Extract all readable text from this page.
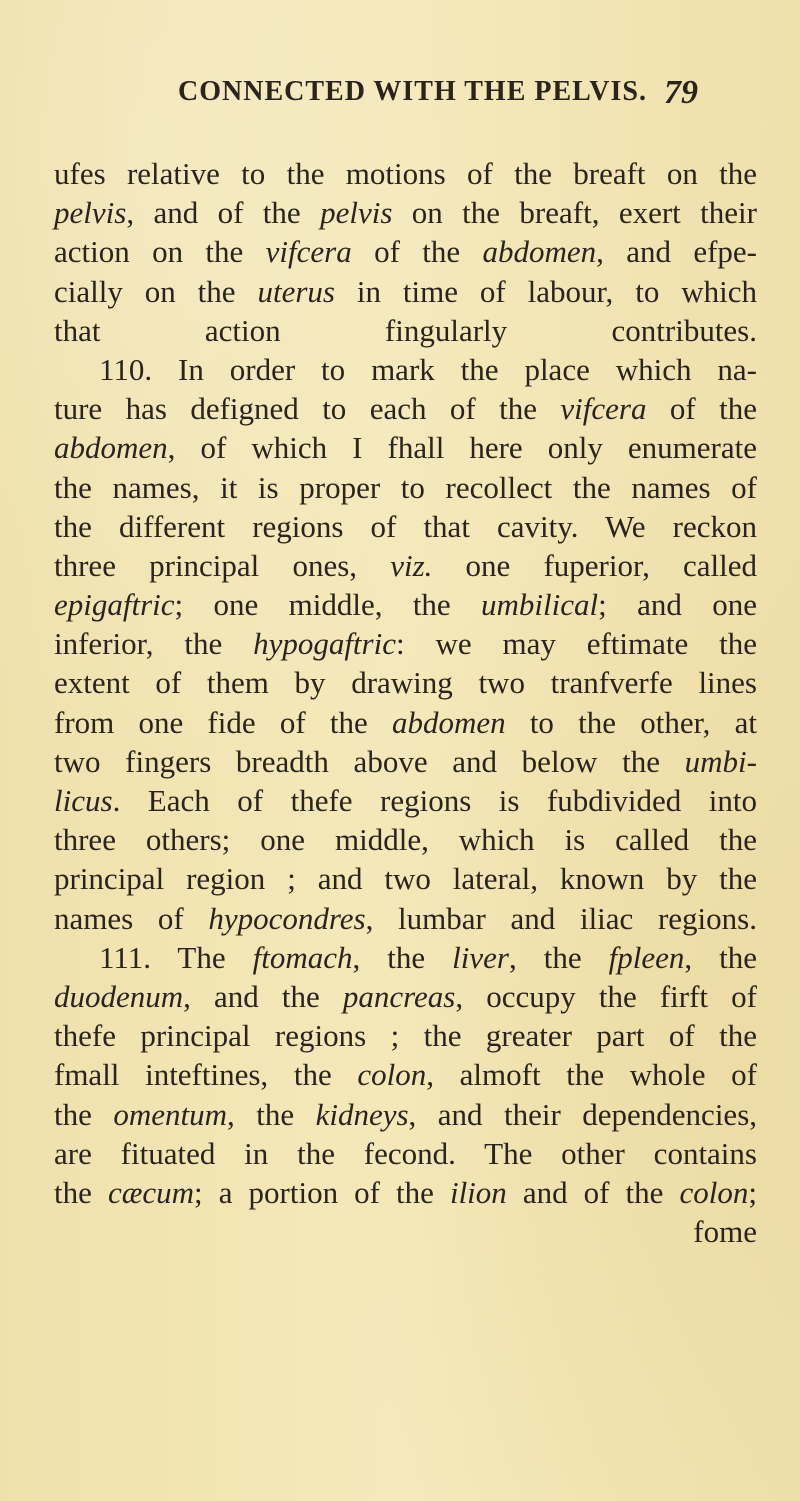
CONNECTED WITH THE PELVIS. 79
ufes relative to the motions of the breaft on the
pelvis, and of the pelvis on the breaft, exert their
action on the vifcera of the abdomen, and efpe-
cially on the uterus in time of labour, to which
that action fingularly contributes.
110. In order to mark the place which na-
ture has defigned to each of the vifcera of the
abdomen, of which I fhall here only enumerate
the names, it is proper to recollect the names of
the different regions of that cavity. We reckon
three principal ones, viz. one fuperior, called
epigaftric; one middle, the umbilical; and one
inferior, the hypogaftric: we may eftimate the
extent of them by drawing two tranfverfe lines
from one fide of the abdomen to the other, at
two fingers breadth above and below the umbi-
licus. Each of thefe regions is fubdivided into
three others; one middle, which is called the
principal region ; and two lateral, known by the
names of hypocondres, lumbar and iliac regions.
111. The ftomach, the liver, the fpleen, the
duodenum, and the pancreas, occupy the firft of
thefe principal regions ; the greater part of the
fmall inteftines, the colon, almoft the whole of
the omentum, the kidneys, and their dependencies,
are fituated in the fecond. The other contains
the cæcum; a portion of the ilion and of the colon;
fome
